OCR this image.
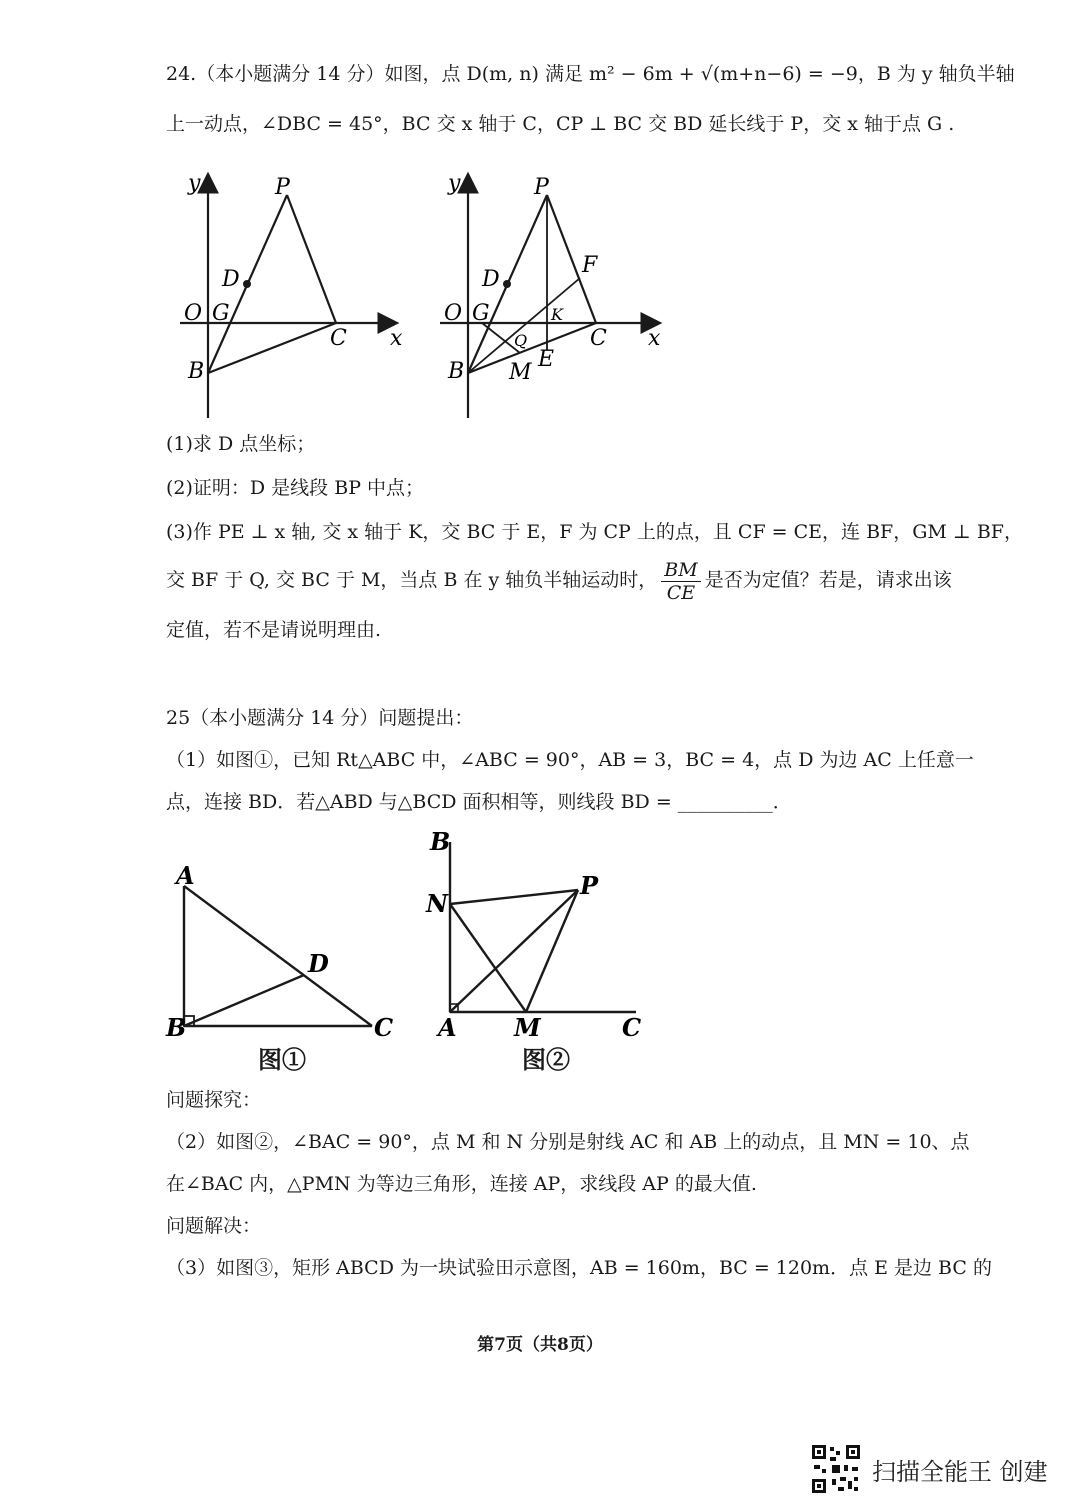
24.（本小题满分 14 分）如图，点 D(m, n) 满足 m² − 6m + √(m+n−6) = −9，B 为 y 轴负半轴
上一动点，∠DBC = 45°，BC 交 x 轴于 C，CP ⊥ BC 交 BD 延长线于 P，交 x 轴于点 G .
y	P
D
O G
C x
B
y	P
F
D
O G	K
Q	C x
B M
E
(1)求 D 点坐标；
(2)证明：D 是线段 BP 中点；
(3)作 PE ⊥ x 轴, 交 x 轴于 K，交 BC 于 E，F 为 CP 上的点，且 CF = CE，连 BF，GM ⊥ BF，
交 BF 于 Q, 交 BC 于 M，当点 B 在 y 轴负半轴运动时， $\frac{BM}{CE}$ 是否为定值？若是，请求出该
定值，若不是请说明理由.
25（本小题满分 14 分）问题提出：
（1）如图①，已知 Rt△ABC 中，∠ABC = 90°，AB = 3，BC = 4，点 D 为边 AC 上任意一
点，连接 BD．若△ABD 与△BCD 面积相等，则线段 BD = __________．
A
D
B	C
图①
B
N
P
A M	C
图②
问题探究：
（2）如图②，∠BAC = 90°，点 M 和 N 分别是射线 AC 和 AB 上的动点，且 MN = 10、点
在∠BAC 内，△PMN 为等边三角形，连接 AP，求线段 AP 的最大值.
问题解决：
（3）如图③，矩形 ABCD 为一块试验田示意图，AB = 160m，BC = 120m．点 E 是边 BC 的
第7页（共8页）
扫描全能王 创建
